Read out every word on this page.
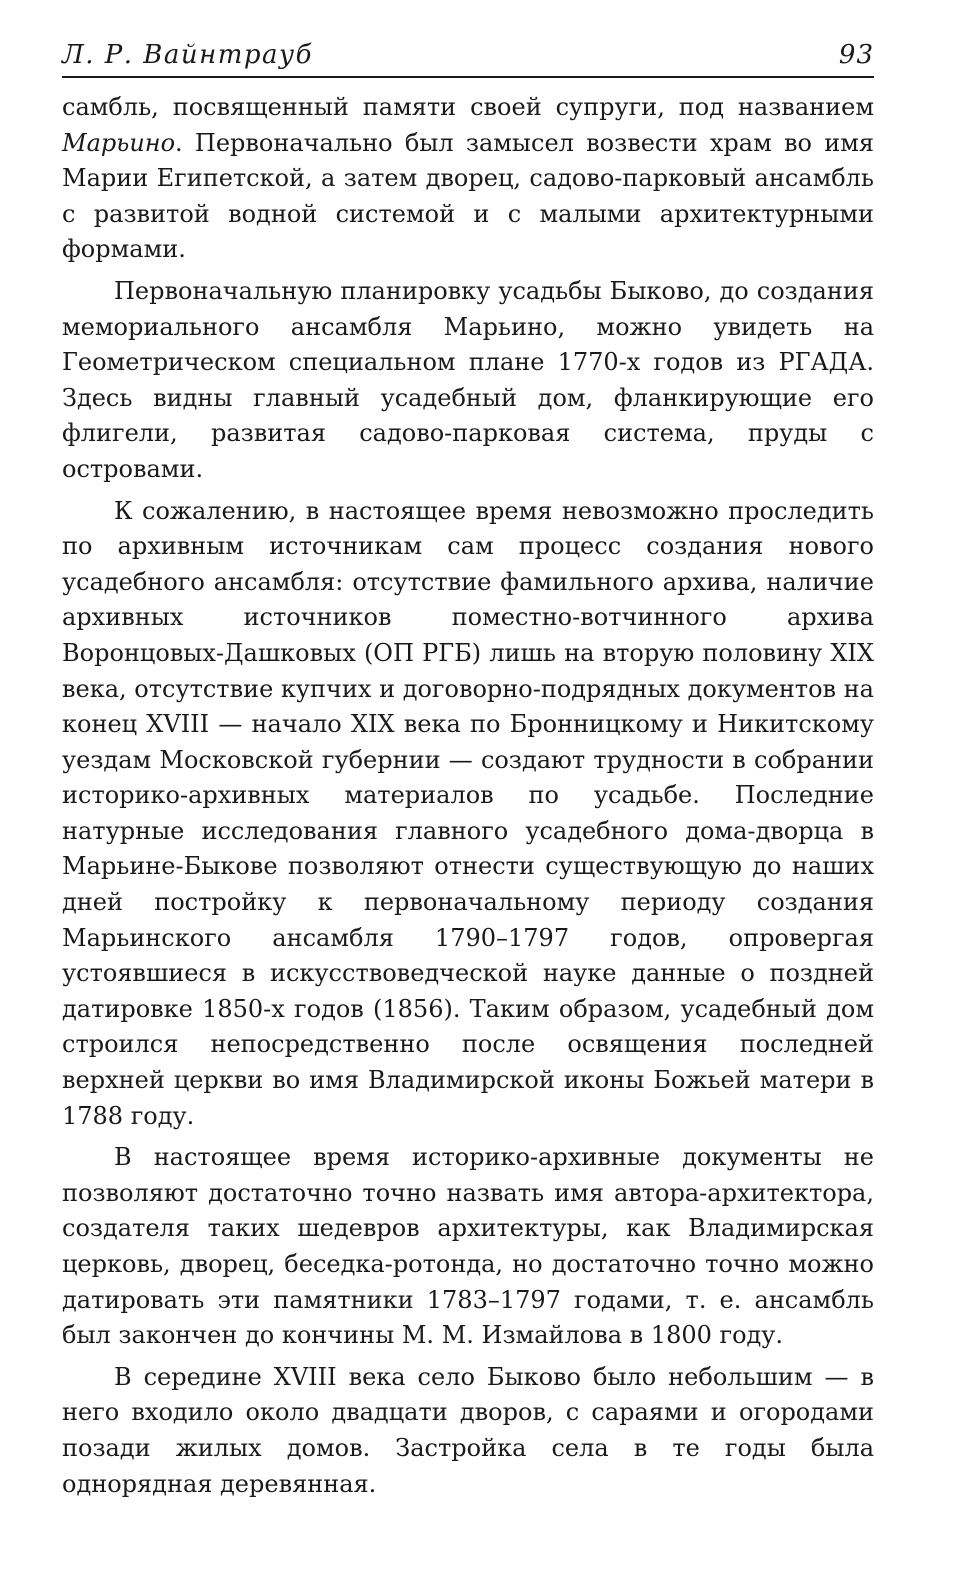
Л. Р. Вайнтрауб	93

самбль, посвященный памяти своей супруги, под названием Марьино. Первоначально был замысел возвести храм во имя Марии Египетской, а затем дворец, садово-парковый ансамбль с развитой водной системой и с малыми архитектурными формами.

Первоначальную планировку усадьбы Быково, до создания мемориального ансамбля Марьино, можно увидеть на Геометрическом специальном плане 1770-х годов из РГАДА. Здесь видны главный усадебный дом, фланкирующие его флигели, развитая садово-парковая система, пруды с островами.

К сожалению, в настоящее время невозможно проследить по архивным источникам сам процесс создания нового усадебного ансамбля: отсутствие фамильного архива, наличие архивных источников поместно-вотчинного архива Воронцовых-Дашковых (ОП РГБ) лишь на вторую половину XIX века, отсутствие купчих и договорно-подрядных документов на конец XVIII — начало XIX века по Бронницкому и Никитскому уездам Московской губернии — создают трудности в собрании историко-архивных материалов по усадьбе. Последние натурные исследования главного усадебного дома-дворца в Марьине-Быкове позволяют отнести существующую до наших дней постройку к первоначальному периоду создания Марьинского ансамбля 1790–1797 годов, опровергая устоявшиеся в искусствоведческой науке данные о поздней датировке 1850-х годов (1856). Таким образом, усадебный дом строился непосредственно после освящения последней верхней церкви во имя Владимирской иконы Божьей матери в 1788 году.

В настоящее время историко-архивные документы не позволяют достаточно точно назвать имя автора-архитектора, создателя таких шедевров архитектуры, как Владимирская церковь, дворец, беседка-ротонда, но достаточно точно можно датировать эти памятники 1783–1797 годами, т. е. ансамбль был закончен до кончины М. М. Измайлова в 1800 году.

В середине XVIII века село Быково было небольшим — в него входило около двадцати дворов, с сараями и огородами позади жилых домов. Застройка села в те годы была однорядная деревянная.
